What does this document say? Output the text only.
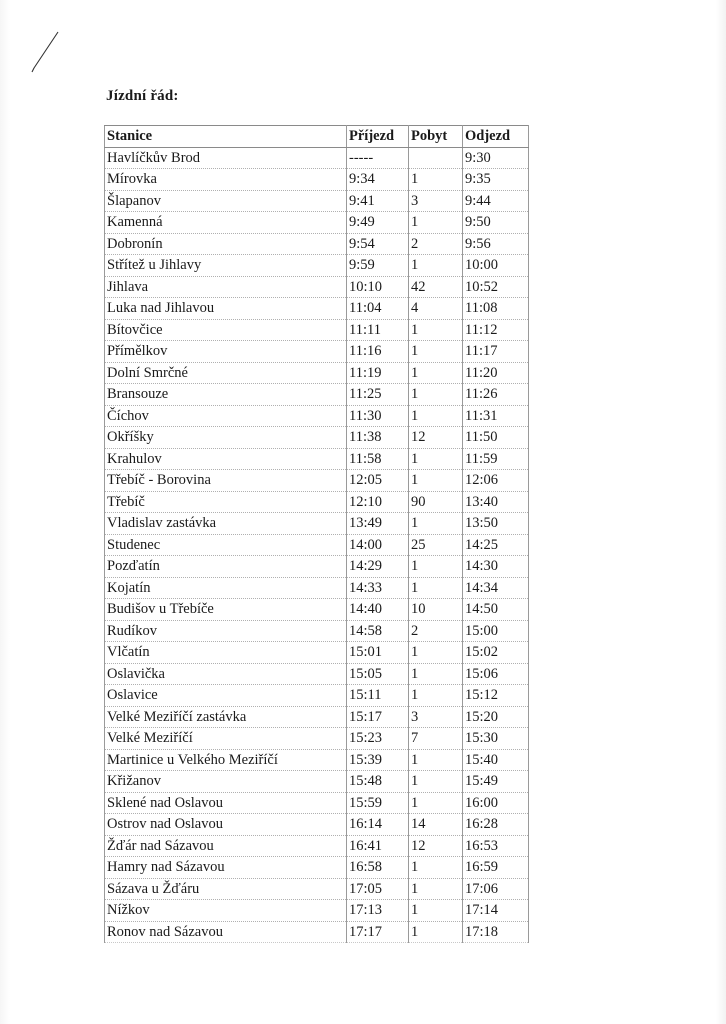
Jízdní řád:
Stanice	Příjezd	Pobyt	Odjezd
Havlíčkův Brod	-----		9:30
Mírovka	9:34	1	9:35
Šlapanov	9:41	3	9:44
Kamenná	9:49	1	9:50
Dobronín	9:54	2	9:56
Střítež u Jihlavy	9:59	1	10:00
Jihlava	10:10	42	10:52
Luka nad Jihlavou	11:04	4	11:08
Bítovčice	11:11	1	11:12
Přímělkov	11:16	1	11:17
Dolní Smrčné	11:19	1	11:20
Bransouze	11:25	1	11:26
Číchov	11:30	1	11:31
Okříšky	11:38	12	11:50
Krahulov	11:58	1	11:59
Třebíč - Borovina	12:05	1	12:06
Třebíč	12:10	90	13:40
Vladislav zastávka	13:49	1	13:50
Studenec	14:00	25	14:25
Pozďatín	14:29	1	14:30
Kojatín	14:33	1	14:34
Budišov u Třebíče	14:40	10	14:50
Rudíkov	14:58	2	15:00
Vlčatín	15:01	1	15:02
Oslavička	15:05	1	15:06
Oslavice	15:11	1	15:12
Velké Meziříčí zastávka	15:17	3	15:20
Velké Meziříčí	15:23	7	15:30
Martinice u Velkého Meziříčí	15:39	1	15:40
Křižanov	15:48	1	15:49
Sklené nad Oslavou	15:59	1	16:00
Ostrov nad Oslavou	16:14	14	16:28
Žďár nad Sázavou	16:41	12	16:53
Hamry nad Sázavou	16:58	1	16:59
Sázava u Žďáru	17:05	1	17:06
Nížkov	17:13	1	17:14
Ronov nad Sázavou	17:17	1	17:18
